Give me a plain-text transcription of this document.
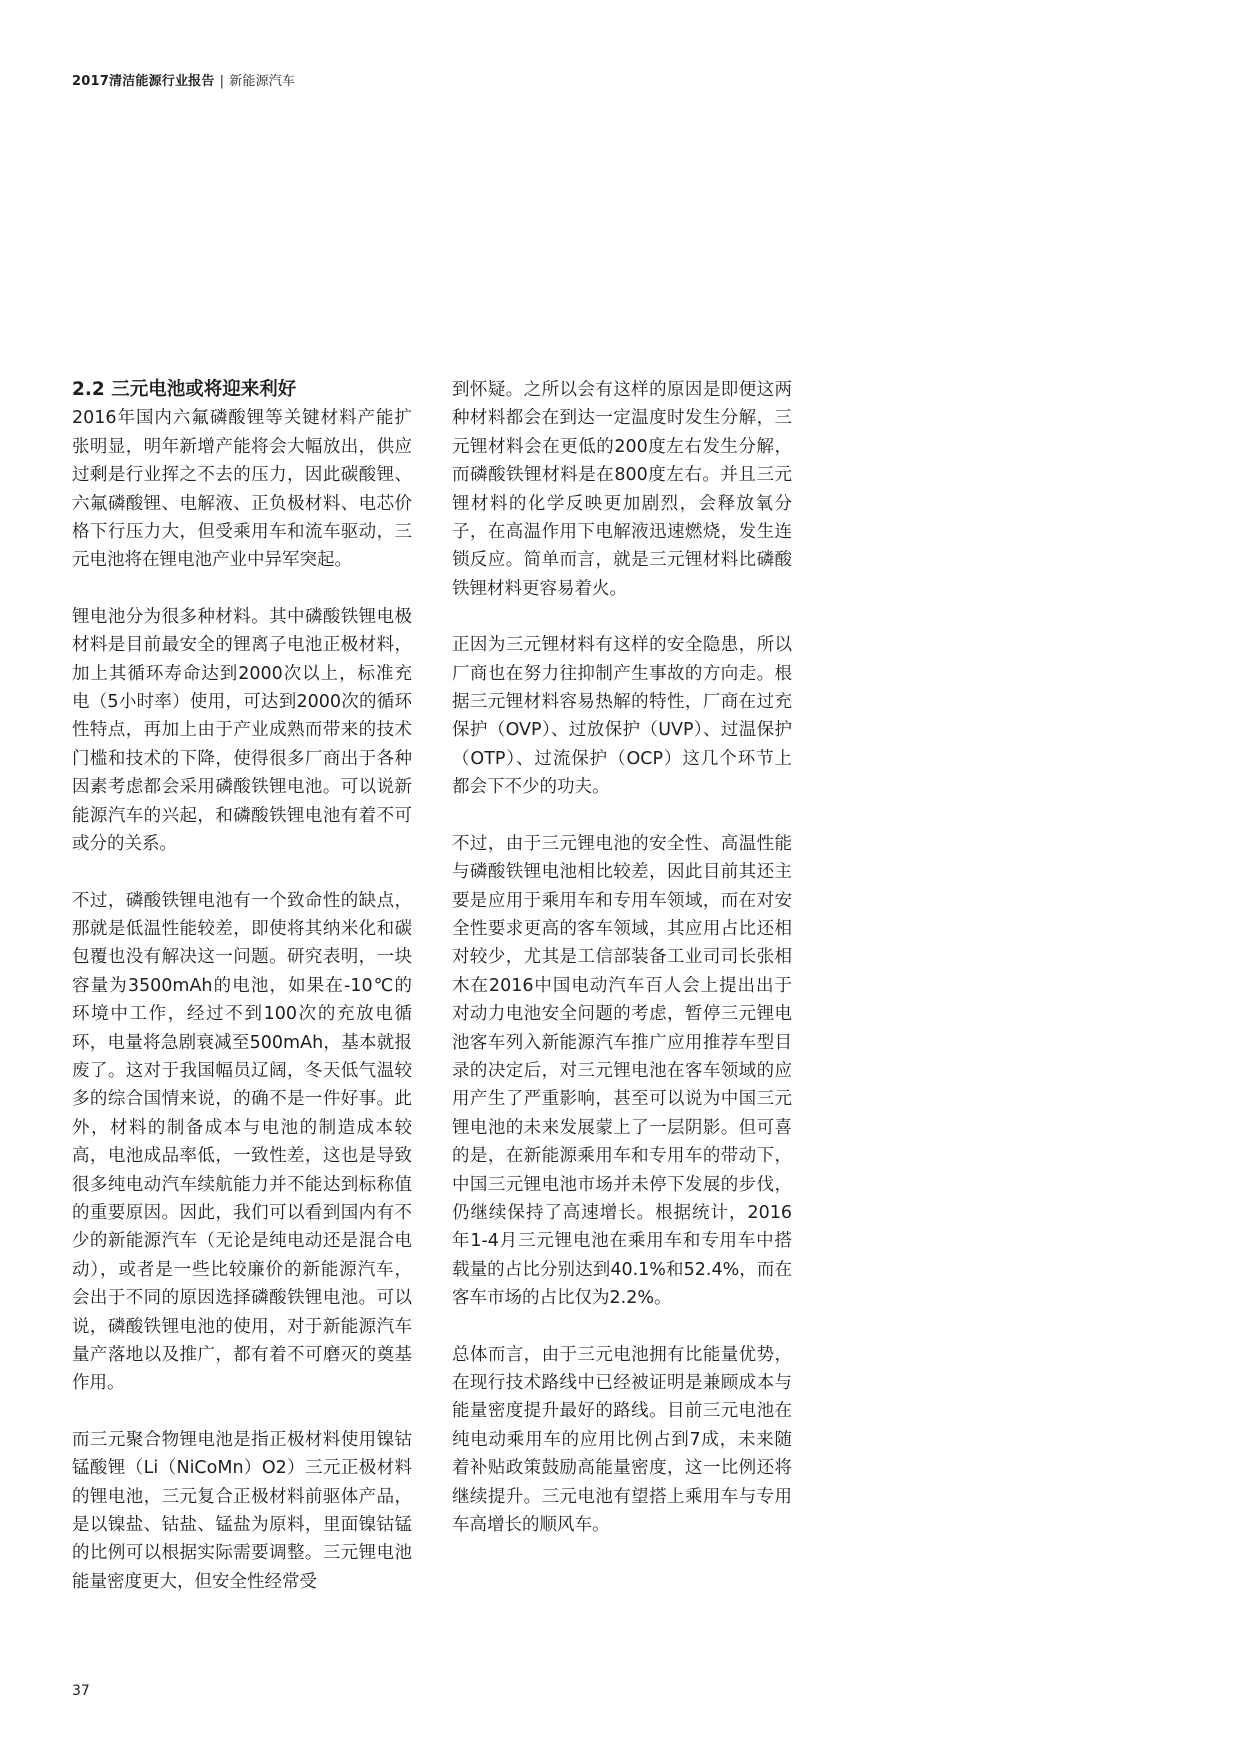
2017清洁能源行业报告 | 新能源汽车
2.2 三元电池或将迎来利好

2016年国内六氟磷酸锂等关键材料产能扩张明显，明年新增产能将会大幅放出，供应过剩是行业挥之不去的压力，因此碳酸锂、六氟磷酸锂、电解液、正负极材料、电芯价格下行压力大，但受乘用车和流车驱动，三元电池将在锂电池产业中异军突起。

锂电池分为很多种材料。其中磷酸铁锂电极材料是目前最安全的锂离子电池正极材料，加上其循环寿命达到2000次以上，标准充电（5小时率）使用，可达到2000次的循环性特点，再加上由于产业成熟而带来的技术门槛和技术的下降，使得很多厂商出于各种因素考虑都会采用磷酸铁锂电池。可以说新能源汽车的兴起，和磷酸铁锂电池有着不可或分的关系。

不过，磷酸铁锂电池有一个致命性的缺点，那就是低温性能较差，即使将其纳米化和碳包覆也没有解决这一问题。研究表明，一块容量为3500mAh的电池，如果在-10℃的环境中工作，经过不到100次的充放电循环，电量将急剧衰减至500mAh，基本就报废了。这对于我国幅员辽阔，冬天低气温较多的综合国情来说，的确不是一件好事。此外，材料的制备成本与电池的制造成本较高，电池成品率低，一致性差，这也是导致很多纯电动汽车续航能力并不能达到标称值的重要原因。因此，我们可以看到国内有不少的新能源汽车（无论是纯电动还是混合电动），或者是一些比较廉价的新能源汽车，会出于不同的原因选择磷酸铁锂电池。可以说，磷酸铁锂电池的使用，对于新能源汽车量产落地以及推广，都有着不可磨灭的奠基作用。

而三元聚合物锂电池是指正极材料使用镍钴锰酸锂（Li（NiCoMn）O2）三元正极材料的锂电池，三元复合正极材料前驱体产品，是以镍盐、钴盐、锰盐为原料，里面镍钴锰的比例可以根据实际需要调整。三元锂电池能量密度更大，但安全性经常受

到怀疑。之所以会有这样的原因是即便这两种材料都会在到达一定温度时发生分解，三元锂材料会在更低的200度左右发生分解，而磷酸铁锂材料是在800度左右。并且三元锂材料的化学反映更加剧烈，会释放氧分子，在高温作用下电解液迅速燃烧，发生连锁反应。简单而言，就是三元锂材料比磷酸铁锂材料更容易着火。

正因为三元锂材料有这样的安全隐患，所以厂商也在努力往抑制产生事故的方向走。根据三元锂材料容易热解的特性，厂商在过充保护（OVP）、过放保护（UVP）、过温保护（OTP）、过流保护（OCP）这几个环节上都会下不少的功夫。

不过，由于三元锂电池的安全性、高温性能与磷酸铁锂电池相比较差，因此目前其还主要是应用于乘用车和专用车领域，而在对安全性要求更高的客车领域，其应用占比还相对较少，尤其是工信部装备工业司司长张相木在2016中国电动汽车百人会上提出出于对动力电池安全问题的考虑，暂停三元锂电池客车列入新能源汽车推广应用推荐车型目录的决定后，对三元锂电池在客车领域的应用产生了严重影响，甚至可以说为中国三元锂电池的未来发展蒙上了一层阴影。但可喜的是，在新能源乘用车和专用车的带动下，中国三元锂电池市场并未停下发展的步伐，仍继续保持了高速增长。根据统计，2016年1-4月三元锂电池在乘用车和专用车中搭载量的占比分别达到40.1%和52.4%，而在客车市场的占比仅为2.2%。

总体而言，由于三元电池拥有比能量优势，在现行技术路线中已经被证明是兼顾成本与能量密度提升最好的路线。目前三元电池在纯电动乘用车的应用比例占到7成，未来随着补贴政策鼓励高能量密度，这一比例还将继续提升。三元电池有望搭上乘用车与专用车高增长的顺风车。

37
